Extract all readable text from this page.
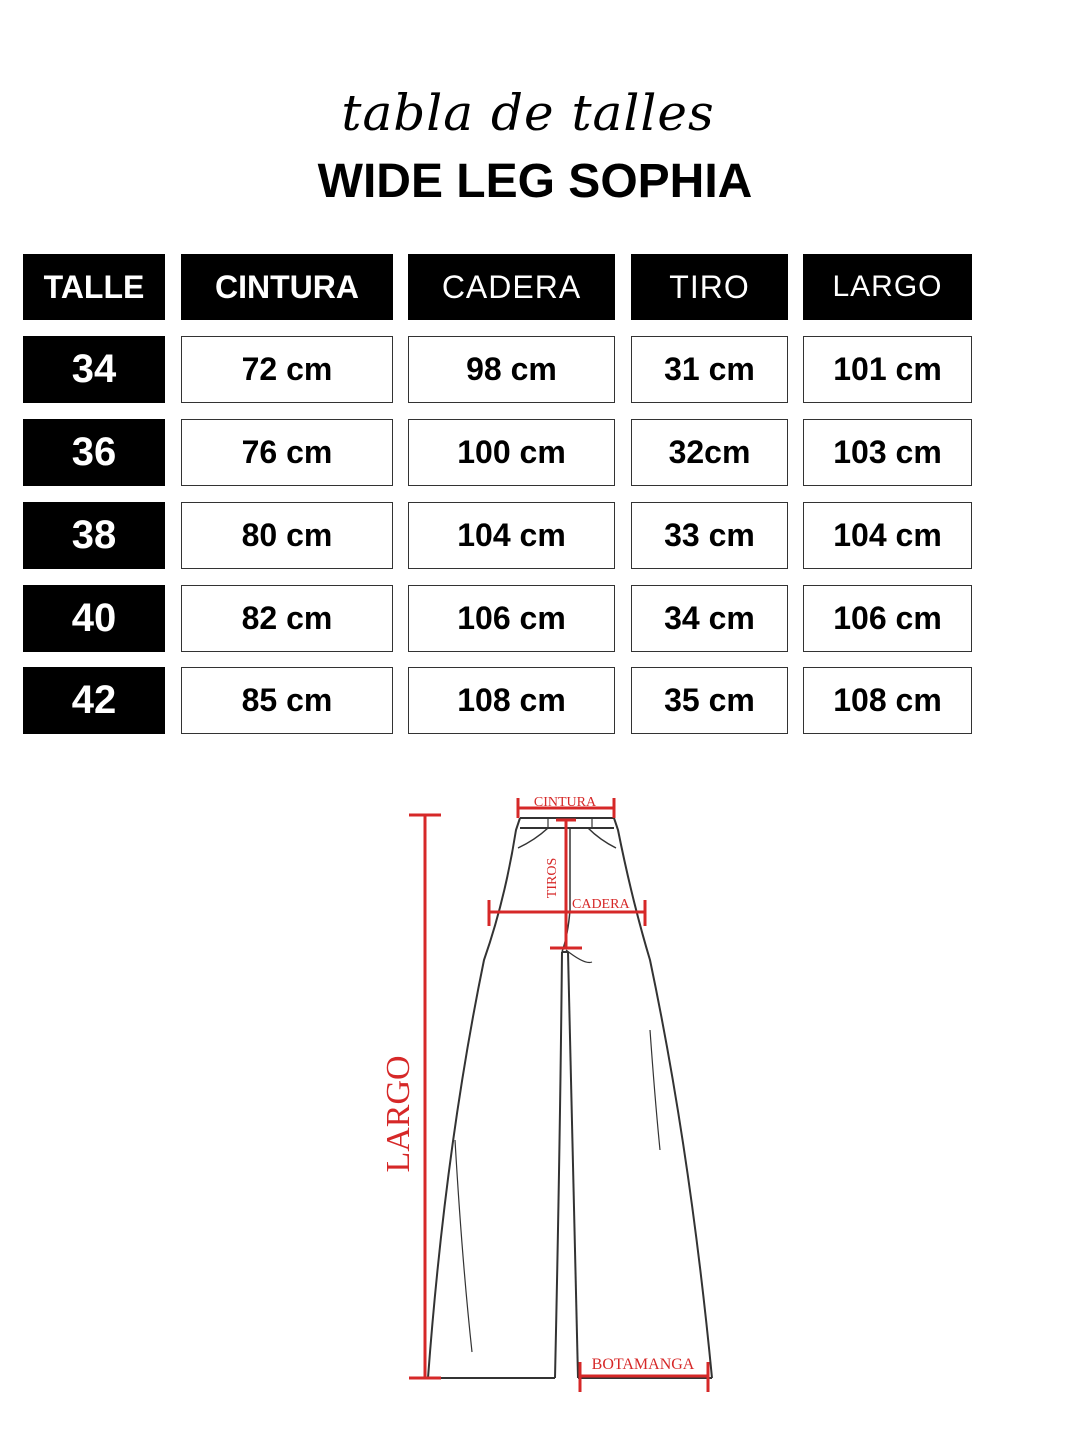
tabla de talles
WIDE LEG SOPHIA
TALLE	CINTURA	CADERA	TIRO	LARGO
34	72 cm	98 cm	31 cm	101 cm
36	76 cm	100 cm	32cm	103 cm
38	80 cm	104 cm	33 cm	104 cm
40	82 cm	106 cm	34 cm	106 cm
42	85 cm	108 cm	35 cm	108 cm
CINTURA
TIROS
CADERA
LARGO
BOTAMANGA
